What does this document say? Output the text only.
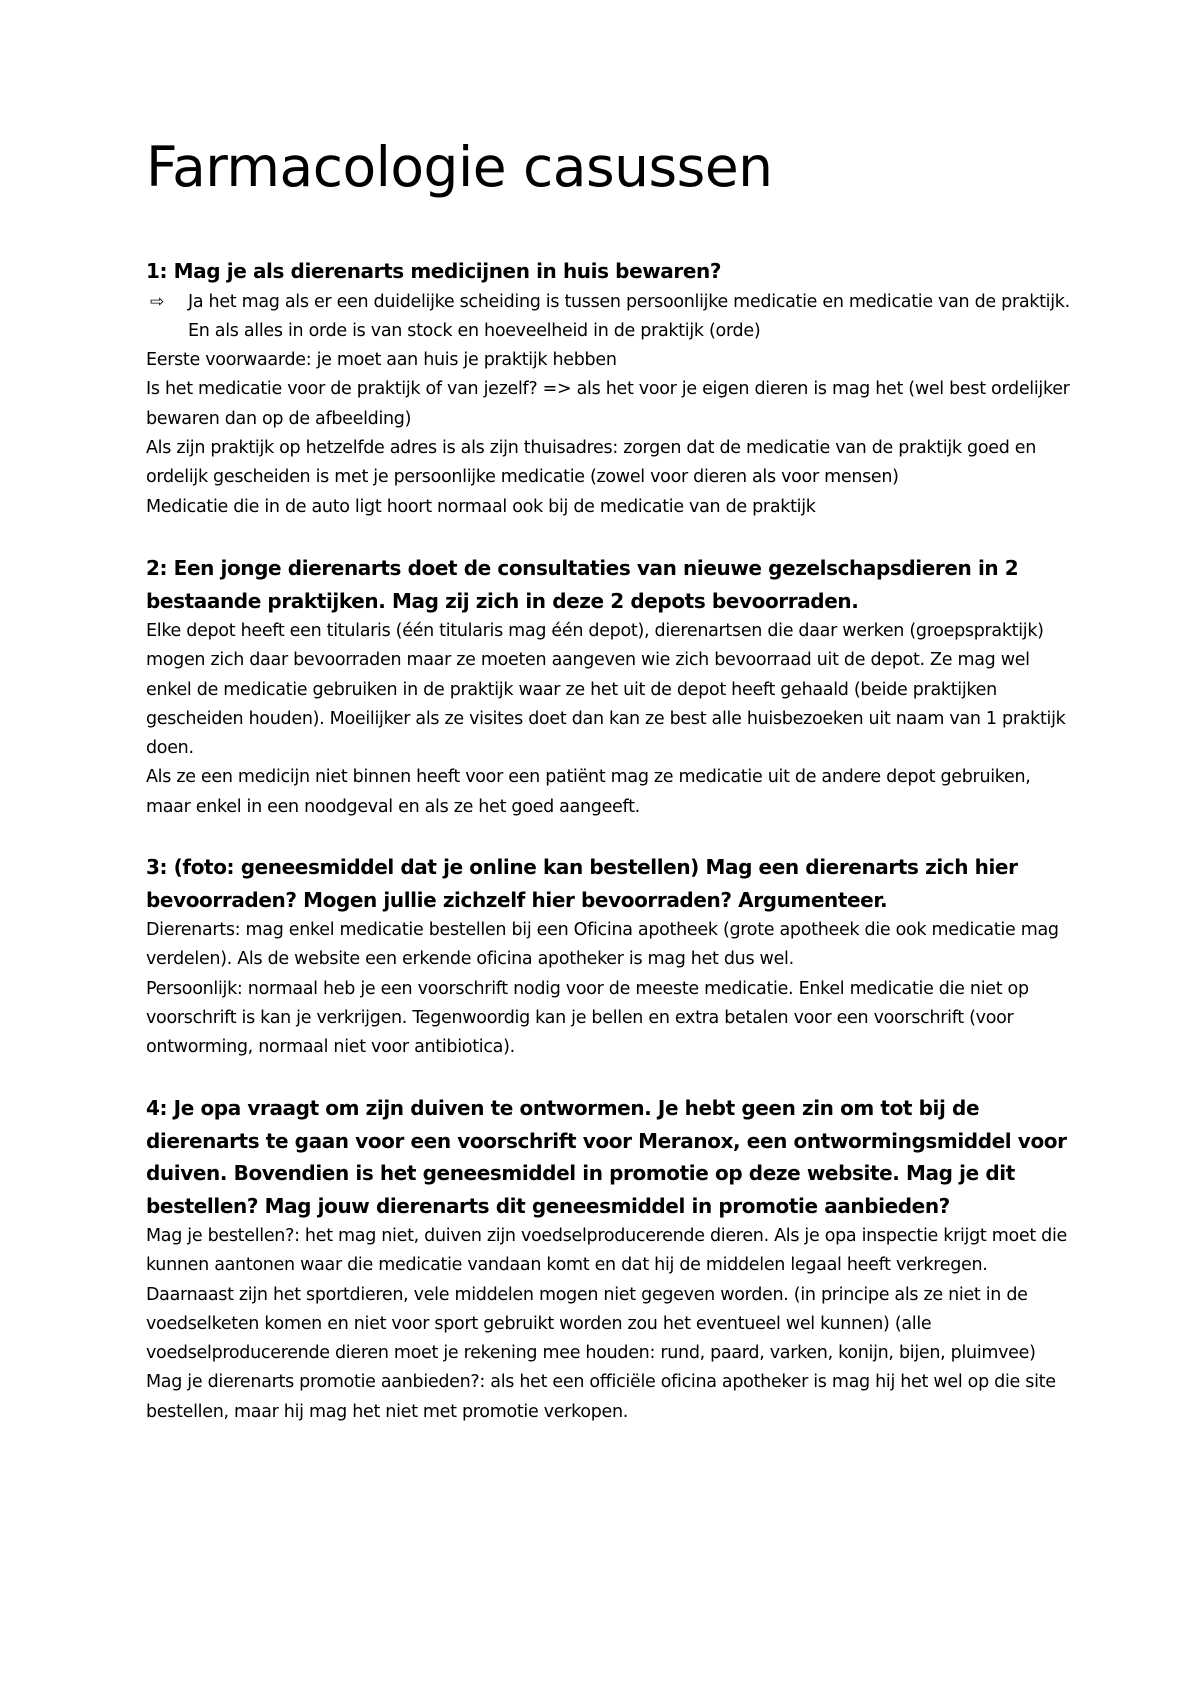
Farmacologie casussen

1: Mag je als dierenarts medicijnen in huis bewaren?

⇨ Ja het mag als er een duidelijke scheiding is tussen persoonlijke medicatie en medicatie van de praktijk. En als alles in orde is van stock en hoeveelheid in de praktijk (orde)

Eerste voorwaarde: je moet aan huis je praktijk hebben

Is het medicatie voor de praktijk of van jezelf? => als het voor je eigen dieren is mag het (wel best ordelijker bewaren dan op de afbeelding)

Als zijn praktijk op hetzelfde adres is als zijn thuisadres: zorgen dat de medicatie van de praktijk goed en ordelijk gescheiden is met je persoonlijke medicatie (zowel voor dieren als voor mensen)

Medicatie die in de auto ligt hoort normaal ook bij de medicatie van de praktijk

2: Een jonge dierenarts doet de consultaties van nieuwe gezelschapsdieren in 2 bestaande praktijken. Mag zij zich in deze 2 depots bevoorraden.

Elke depot heeft een titularis (één titularis mag één depot), dierenartsen die daar werken (groepspraktijk) mogen zich daar bevoorraden maar ze moeten aangeven wie zich bevoorraad uit de depot. Ze mag wel enkel de medicatie gebruiken in de praktijk waar ze het uit de depot heeft gehaald (beide praktijken gescheiden houden). Moeilijker als ze visites doet dan kan ze best alle huisbezoeken uit naam van 1 praktijk doen.

Als ze een medicijn niet binnen heeft voor een patiënt mag ze medicatie uit de andere depot gebruiken, maar enkel in een noodgeval en als ze het goed aangeeft.

3: (foto: geneesmiddel dat je online kan bestellen) Mag een dierenarts zich hier bevoorraden? Mogen jullie zichzelf hier bevoorraden? Argumenteer.

Dierenarts: mag enkel medicatie bestellen bij een Oficina apotheek (grote apotheek die ook medicatie mag verdelen). Als de website een erkende oficina apotheker is mag het dus wel.

Persoonlijk: normaal heb je een voorschrift nodig voor de meeste medicatie. Enkel medicatie die niet op voorschrift is kan je verkrijgen. Tegenwoordig kan je bellen en extra betalen voor een voorschrift (voor ontworming, normaal niet voor antibiotica).

4: Je opa vraagt om zijn duiven te ontwormen. Je hebt geen zin om tot bij de dierenarts te gaan voor een voorschrift voor Meranox, een ontwormingsmiddel voor duiven. Bovendien is het geneesmiddel in promotie op deze website. Mag je dit bestellen? Mag jouw dierenarts dit geneesmiddel in promotie aanbieden?

Mag je bestellen?: het mag niet, duiven zijn voedselproducerende dieren. Als je opa inspectie krijgt moet die kunnen aantonen waar die medicatie vandaan komt en dat hij de middelen legaal heeft verkregen. Daarnaast zijn het sportdieren, vele middelen mogen niet gegeven worden. (in principe als ze niet in de voedselketen komen en niet voor sport gebruikt worden zou het eventueel wel kunnen) (alle voedselproducerende dieren moet je rekening mee houden: rund, paard, varken, konijn, bijen, pluimvee)

Mag je dierenarts promotie aanbieden?: als het een officiële oficina apotheker is mag hij het wel op die site bestellen, maar hij mag het niet met promotie verkopen.
